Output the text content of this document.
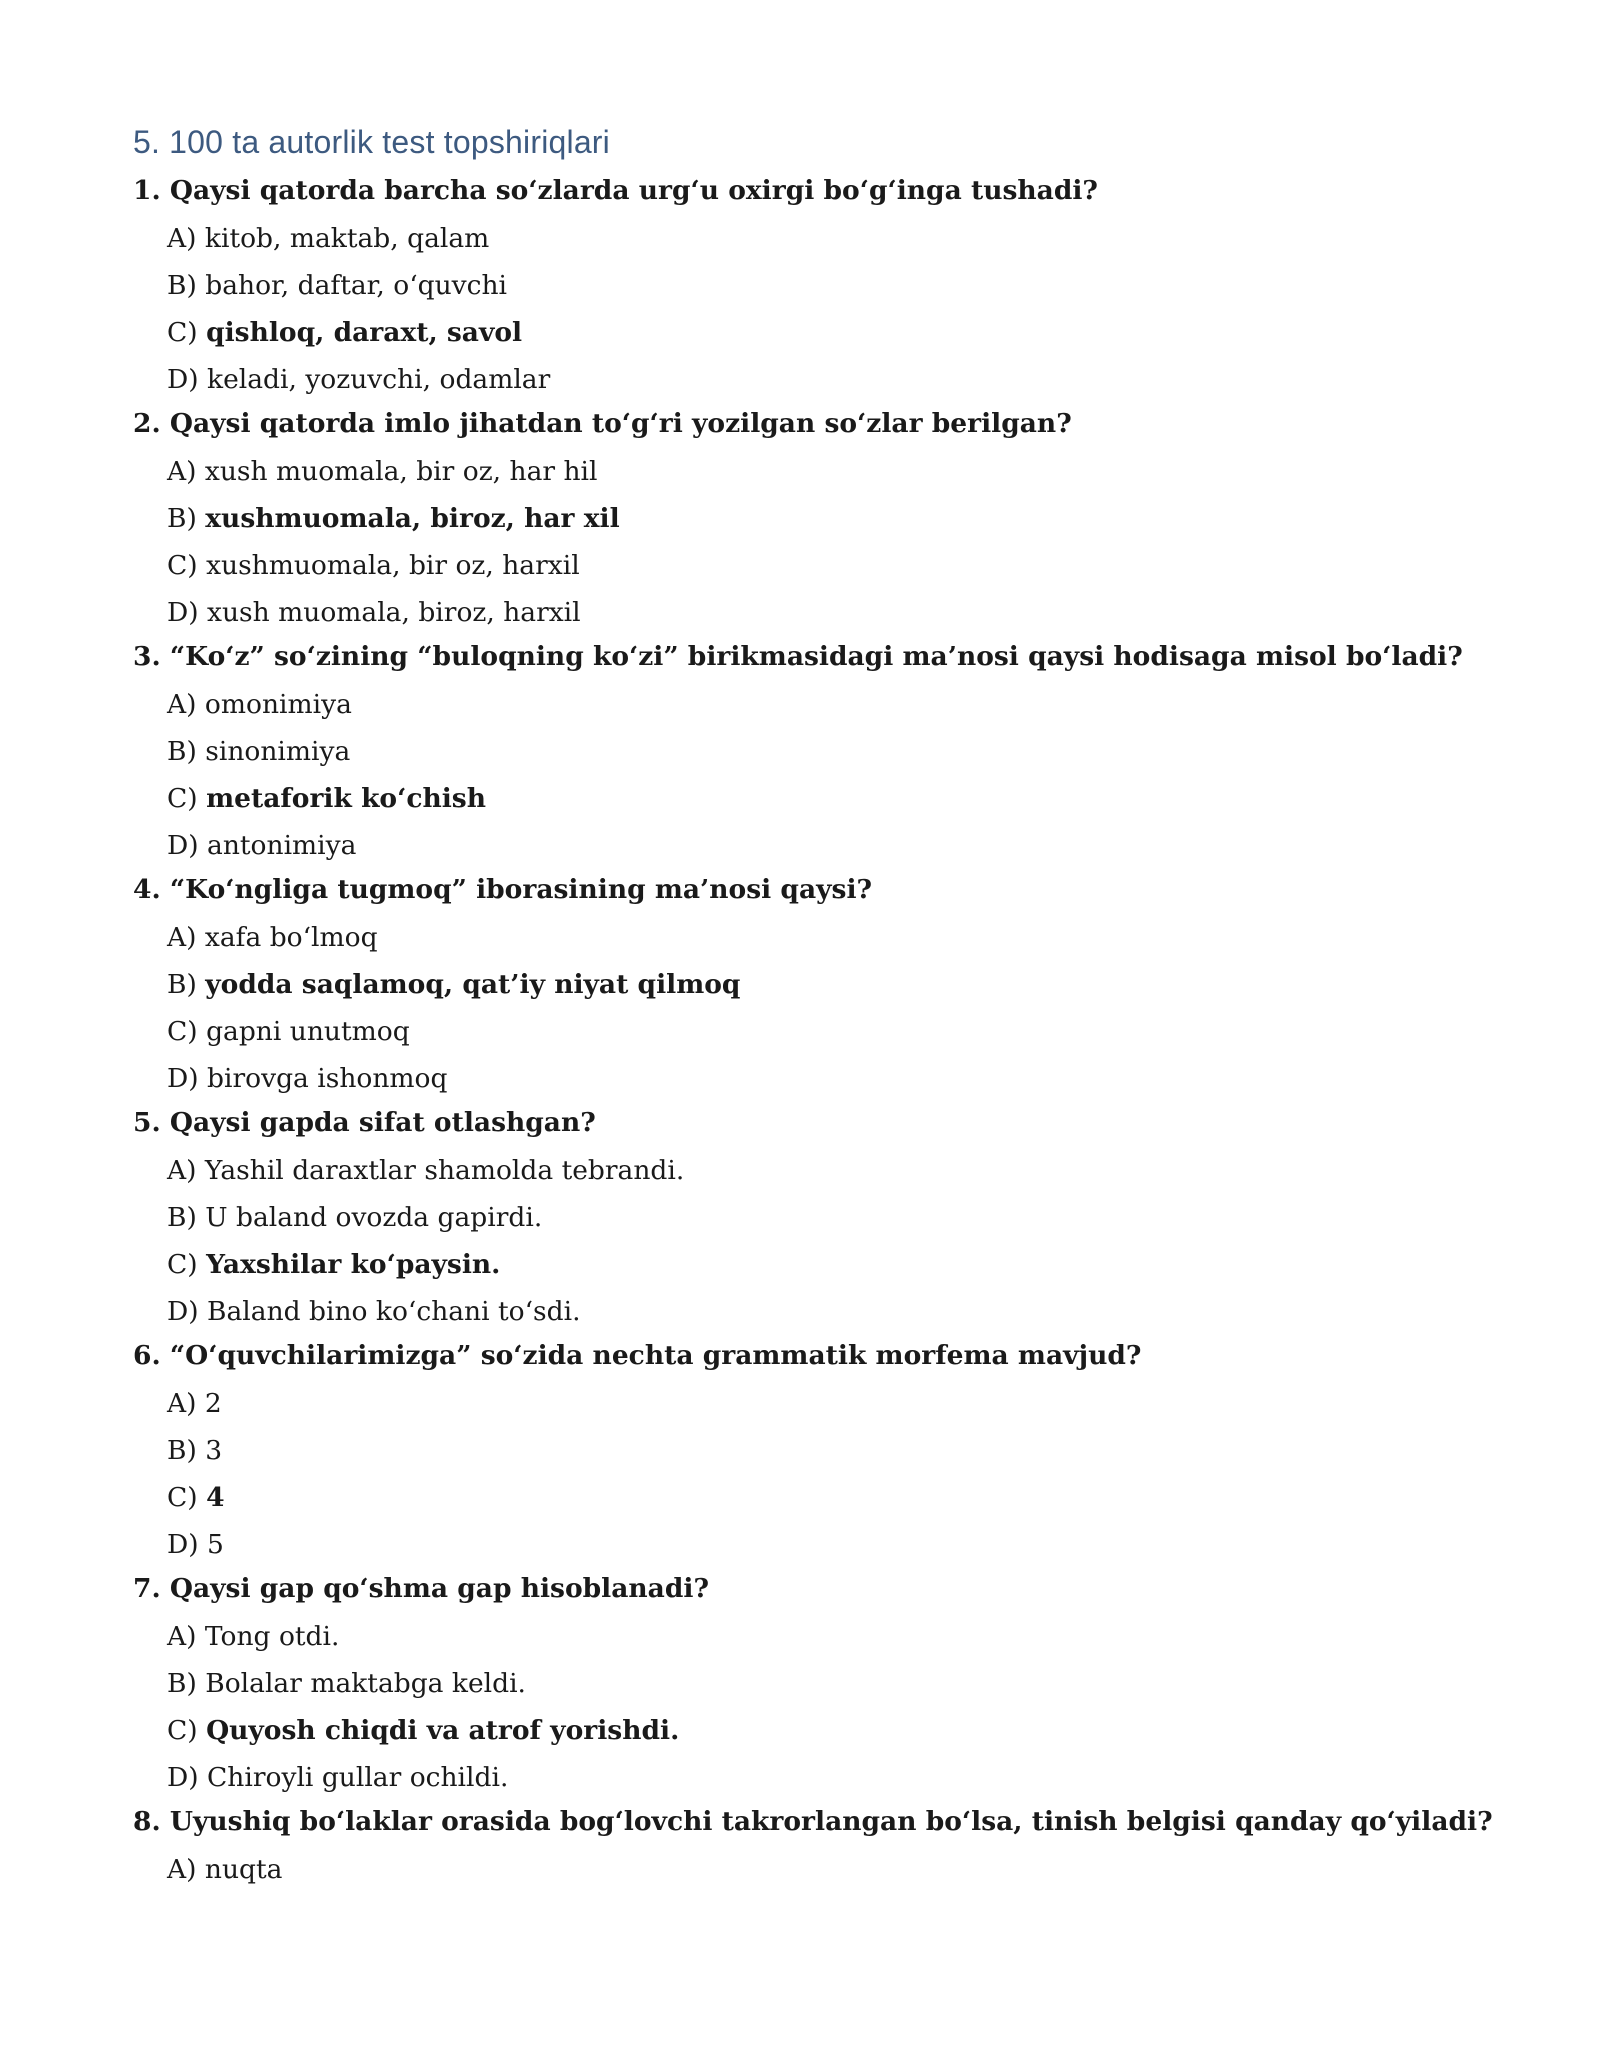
5. 100 ta autorlik test topshiriqlari

1. Qaysi qatorda barcha so‘zlarda urg‘u oxirgi bo‘g‘inga tushadi?

A) kitob, maktab, qalam

B) bahor, daftar, o‘quvchi

C) qishloq, daraxt, savol

D) keladi, yozuvchi, odamlar

2. Qaysi qatorda imlo jihatdan to‘g‘ri yozilgan so‘zlar berilgan?

A) xush muomala, bir oz, har hil

B) xushmuomala, biroz, har xil

C) xushmuomala, bir oz, harxil

D) xush muomala, biroz, harxil

3. “Ko‘z” so‘zining “buloqning ko‘zi” birikmasidagi ma’nosi qaysi hodisaga misol bo‘ladi?

A) omonimiya

B) sinonimiya

C) metaforik ko‘chish

D) antonimiya

4. “Ko‘ngliga tugmoq” iborasining ma’nosi qaysi?

A) xafa bo‘lmoq

B) yodda saqlamoq, qat’iy niyat qilmoq

C) gapni unutmoq

D) birovga ishonmoq

5. Qaysi gapda sifat otlashgan?

A) Yashil daraxtlar shamolda tebrandi.

B) U baland ovozda gapirdi.

C) Yaxshilar ko‘paysin.

D) Baland bino ko‘chani to‘sdi.

6. “O‘quvchilarimizga” so‘zida nechta grammatik morfema mavjud?

A) 2

B) 3

C) 4

D) 5

7. Qaysi gap qo‘shma gap hisoblanadi?

A) Tong otdi.

B) Bolalar maktabga keldi.

C) Quyosh chiqdi va atrof yorishdi.

D) Chiroyli gullar ochildi.

8. Uyushiq bo‘laklar orasida bog‘lovchi takrorlangan bo‘lsa, tinish belgisi qanday qo‘yiladi?

A) nuqta
